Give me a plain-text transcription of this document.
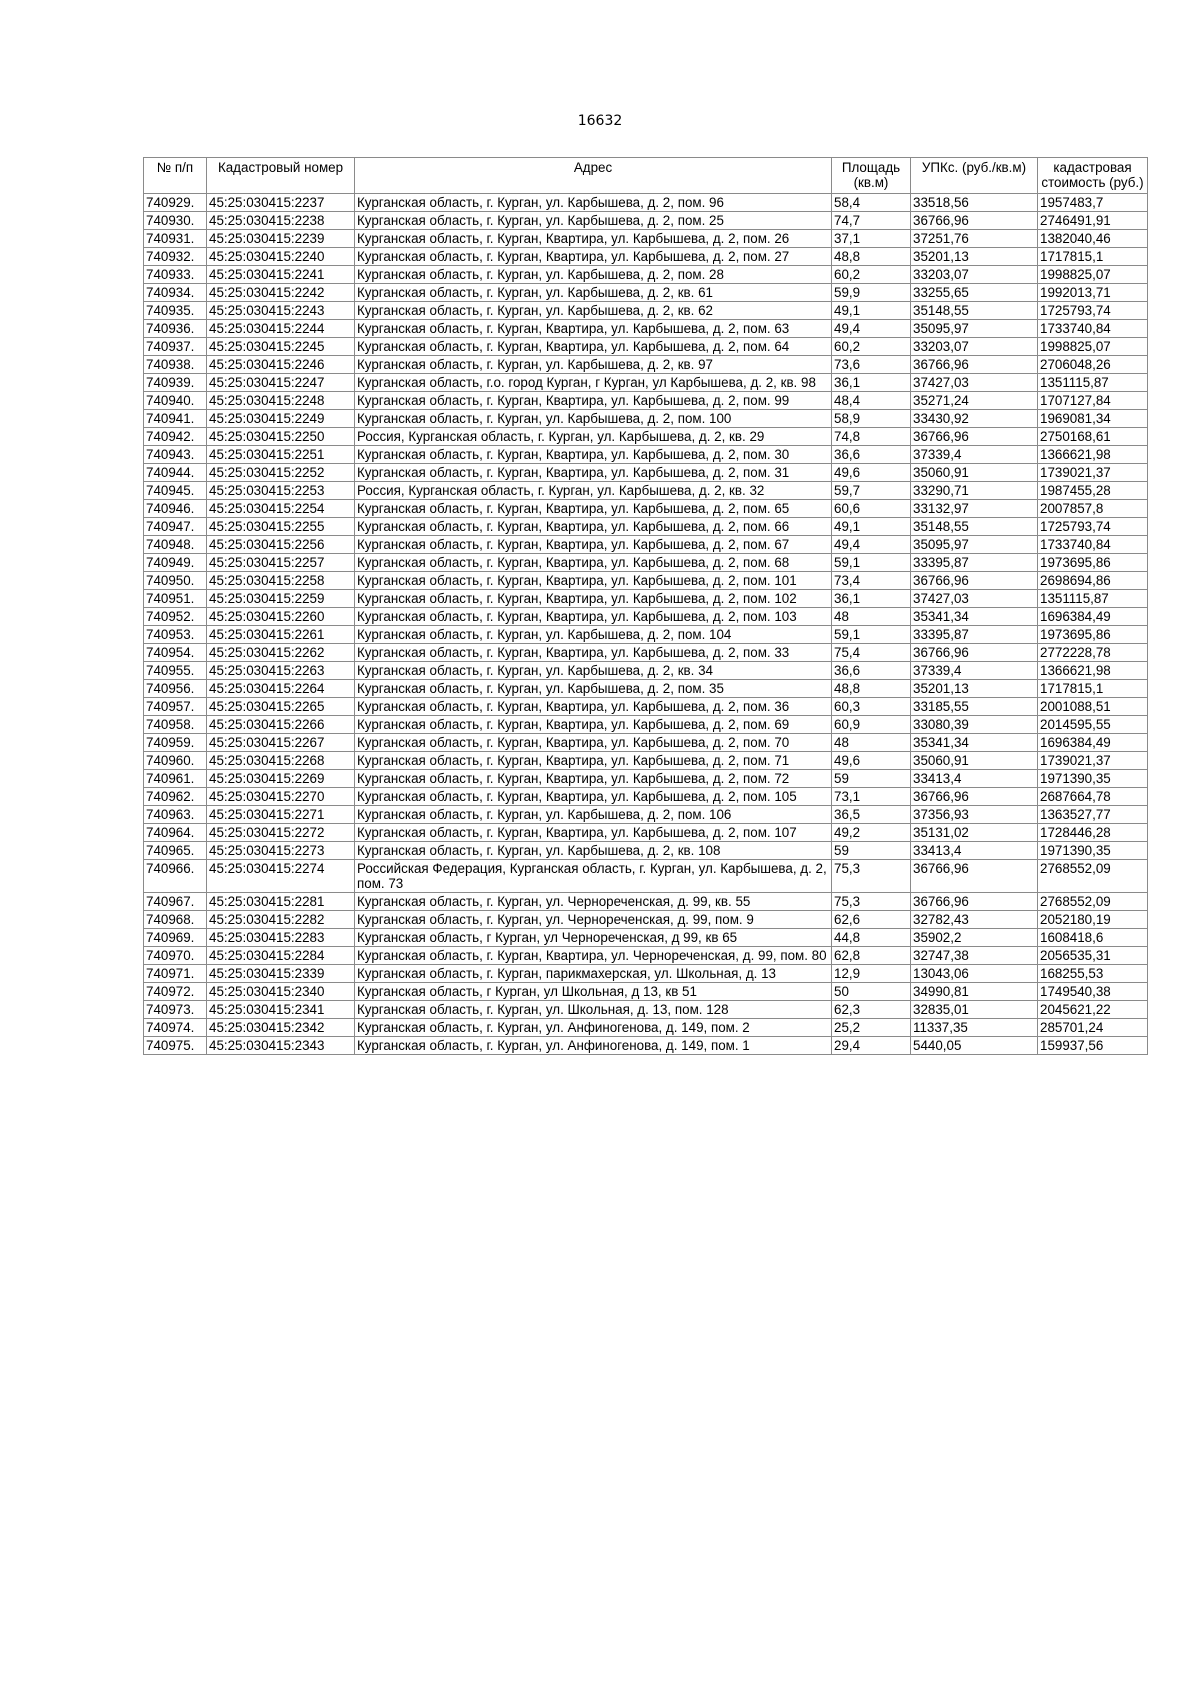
16632
№ п/п	Кадастровый номер	Адрес	Площадь (кв.м)	УПКс. (руб./кв.м)	кадастровая стоимость (руб.)
740929.	45:25:030415:2237	Курганская область, г. Курган, ул. Карбышева, д. 2, пом. 96	58,4	33518,56	1957483,7
740930.	45:25:030415:2238	Курганская область, г. Курган, ул. Карбышева, д. 2, пом. 25	74,7	36766,96	2746491,91
740931.	45:25:030415:2239	Курганская область, г. Курган, Квартира, ул. Карбышева, д. 2, пом. 26	37,1	37251,76	1382040,46
740932.	45:25:030415:2240	Курганская область, г. Курган, Квартира, ул. Карбышева, д. 2, пом. 27	48,8	35201,13	1717815,1
740933.	45:25:030415:2241	Курганская область, г. Курган, ул. Карбышева, д. 2, пом. 28	60,2	33203,07	1998825,07
740934.	45:25:030415:2242	Курганская область, г. Курган, ул. Карбышева, д. 2, кв. 61	59,9	33255,65	1992013,71
740935.	45:25:030415:2243	Курганская область, г. Курган, ул. Карбышева, д. 2, кв. 62	49,1	35148,55	1725793,74
740936.	45:25:030415:2244	Курганская область, г. Курган, Квартира, ул. Карбышева, д. 2, пом. 63	49,4	35095,97	1733740,84
740937.	45:25:030415:2245	Курганская область, г. Курган, Квартира, ул. Карбышева, д. 2, пом. 64	60,2	33203,07	1998825,07
740938.	45:25:030415:2246	Курганская область, г. Курган, ул. Карбышева, д. 2, кв. 97	73,6	36766,96	2706048,26
740939.	45:25:030415:2247	Курганская область, г.о. город Курган, г Курган, ул Карбышева, д. 2, кв. 98	36,1	37427,03	1351115,87
740940.	45:25:030415:2248	Курганская область, г. Курган, Квартира, ул. Карбышева, д. 2, пом. 99	48,4	35271,24	1707127,84
740941.	45:25:030415:2249	Курганская область, г. Курган, ул. Карбышева, д. 2, пом. 100	58,9	33430,92	1969081,34
740942.	45:25:030415:2250	Россия, Курганская область, г. Курган, ул. Карбышева, д. 2, кв. 29	74,8	36766,96	2750168,61
740943.	45:25:030415:2251	Курганская область, г. Курган, Квартира, ул. Карбышева, д. 2, пом. 30	36,6	37339,4	1366621,98
740944.	45:25:030415:2252	Курганская область, г. Курган, Квартира, ул. Карбышева, д. 2, пом. 31	49,6	35060,91	1739021,37
740945.	45:25:030415:2253	Россия, Курганская область, г. Курган, ул. Карбышева, д. 2, кв. 32	59,7	33290,71	1987455,28
740946.	45:25:030415:2254	Курганская область, г. Курган, Квартира, ул. Карбышева, д. 2, пом. 65	60,6	33132,97	2007857,8
740947.	45:25:030415:2255	Курганская область, г. Курган, Квартира, ул. Карбышева, д. 2, пом. 66	49,1	35148,55	1725793,74
740948.	45:25:030415:2256	Курганская область, г. Курган, Квартира, ул. Карбышева, д. 2, пом. 67	49,4	35095,97	1733740,84
740949.	45:25:030415:2257	Курганская область, г. Курган, Квартира, ул. Карбышева, д. 2, пом. 68	59,1	33395,87	1973695,86
740950.	45:25:030415:2258	Курганская область, г. Курган, Квартира, ул. Карбышева, д. 2, пом. 101	73,4	36766,96	2698694,86
740951.	45:25:030415:2259	Курганская область, г. Курган, Квартира, ул. Карбышева, д. 2, пом. 102	36,1	37427,03	1351115,87
740952.	45:25:030415:2260	Курганская область, г. Курган, Квартира, ул. Карбышева, д. 2, пом. 103	48	35341,34	1696384,49
740953.	45:25:030415:2261	Курганская область, г. Курган, ул. Карбышева, д. 2, пом. 104	59,1	33395,87	1973695,86
740954.	45:25:030415:2262	Курганская область, г. Курган, Квартира, ул. Карбышева, д. 2, пом. 33	75,4	36766,96	2772228,78
740955.	45:25:030415:2263	Курганская область, г. Курган, ул. Карбышева, д. 2, кв. 34	36,6	37339,4	1366621,98
740956.	45:25:030415:2264	Курганская область, г. Курган, ул. Карбышева, д. 2, пом. 35	48,8	35201,13	1717815,1
740957.	45:25:030415:2265	Курганская область, г. Курган, Квартира, ул. Карбышева, д. 2, пом. 36	60,3	33185,55	2001088,51
740958.	45:25:030415:2266	Курганская область, г. Курган, Квартира, ул. Карбышева, д. 2, пом. 69	60,9	33080,39	2014595,55
740959.	45:25:030415:2267	Курганская область, г. Курган, Квартира, ул. Карбышева, д. 2, пом. 70	48	35341,34	1696384,49
740960.	45:25:030415:2268	Курганская область, г. Курган, Квартира, ул. Карбышева, д. 2, пом. 71	49,6	35060,91	1739021,37
740961.	45:25:030415:2269	Курганская область, г. Курган, Квартира, ул. Карбышева, д. 2, пом. 72	59	33413,4	1971390,35
740962.	45:25:030415:2270	Курганская область, г. Курган, Квартира, ул. Карбышева, д. 2, пом. 105	73,1	36766,96	2687664,78
740963.	45:25:030415:2271	Курганская область, г. Курган, ул. Карбышева, д. 2, пом. 106	36,5	37356,93	1363527,77
740964.	45:25:030415:2272	Курганская область, г. Курган, Квартира, ул. Карбышева, д. 2, пом. 107	49,2	35131,02	1728446,28
740965.	45:25:030415:2273	Курганская область, г. Курган, ул. Карбышева, д. 2, кв. 108	59	33413,4	1971390,35
740966.	45:25:030415:2274	Российская Федерация, Курганская область, г. Курган, ул. Карбышева, д. 2, пом. 73	75,3	36766,96	2768552,09
740967.	45:25:030415:2281	Курганская область, г. Курган, ул. Чернореченская, д. 99, кв. 55	75,3	36766,96	2768552,09
740968.	45:25:030415:2282	Курганская область, г. Курган, ул. Чернореченская, д. 99, пом. 9	62,6	32782,43	2052180,19
740969.	45:25:030415:2283	Курганская область, г Курган, ул Чернореченская, д 99, кв 65	44,8	35902,2	1608418,6
740970.	45:25:030415:2284	Курганская область, г. Курган, Квартира, ул. Чернореченская, д. 99, пом. 80	62,8	32747,38	2056535,31
740971.	45:25:030415:2339	Курганская область, г. Курган, парикмахерская, ул. Школьная, д. 13	12,9	13043,06	168255,53
740972.	45:25:030415:2340	Курганская область, г Курган, ул Школьная, д 13, кв 51	50	34990,81	1749540,38
740973.	45:25:030415:2341	Курганская область, г. Курган, ул. Школьная, д. 13, пом. 128	62,3	32835,01	2045621,22
740974.	45:25:030415:2342	Курганская область, г. Курган, ул. Анфиногенова, д. 149, пом. 2	25,2	11337,35	285701,24
740975.	45:25:030415:2343	Курганская область, г. Курган, ул. Анфиногенова, д. 149, пом. 1	29,4	5440,05	159937,56
